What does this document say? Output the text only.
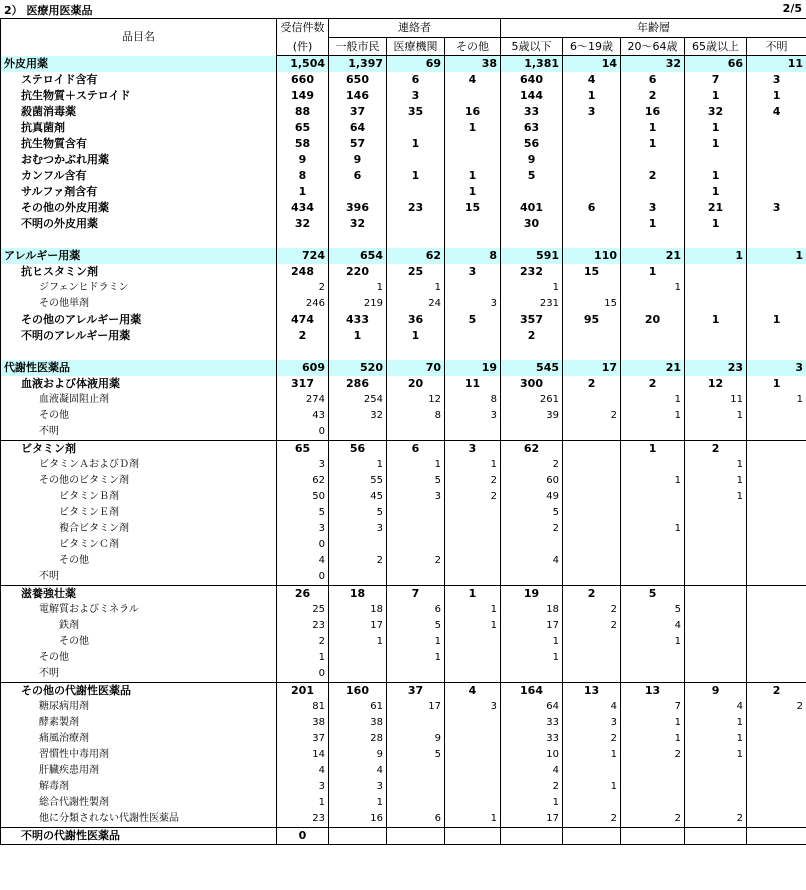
2） 医療用医薬品	2/5
品目名	受信件数	連絡者			年齢層				
	(件)	一般市民	医療機関	その他	5歳以下	6～19歳	20～64歳	65歳以上	不明
外皮用薬	1,504	1,397	69	38	1,381	14	32	66	11
ステロイド含有	660	650	6	4	640	4	6	7	3
抗生物質＋ステロイド	149	146	3		144	1	2	1	1
殺菌消毒薬	88	37	35	16	33	3	16	32	4
抗真菌剤	65	64		1	63		1	1	
抗生物質含有	58	57	1		56		1	1	
おむつかぶれ用薬	9	9			9				
カンフル含有	8	6	1	1	5		2	1	
サルファ剤含有	1			1				1	
その他の外皮用薬	434	396	23	15	401	6	3	21	3
不明の外皮用薬	32	32			30		1	1	

アレルギー用薬	724	654	62	8	591	110	21	1	1
抗ヒスタミン剤	248	220	25	3	232	15	1		
ジフェンヒドラミン	2	1	1		1		1		
その他単剤	246	219	24	3	231	15			
その他のアレルギー用薬	474	433	36	5	357	95	20	1	1
不明のアレルギー用薬	2	1	1		2				

代謝性医薬品	609	520	70	19	545	17	21	23	3
血液および体液用薬	317	286	20	11	300	2	2	12	1
血液凝固阻止剤	274	254	12	8	261		1	11	1
その他	43	32	8	3	39	2	1	1	
不明	0								
ビタミン剤	65	56	6	3	62		1	2	
ビタミンＡおよびＤ剤	3	1	1	1	2			1	
その他のビタミン剤	62	55	5	2	60		1	1	
ビタミンＢ剤	50	45	3	2	49			1	
ビタミンＥ剤	5	5			5				
複合ビタミン剤	3	3			2		1		
ビタミンＣ剤	0								
その他	4	2	2		4				
不明	0								
滋養強壮薬	26	18	7	1	19	2	5		
電解質およびミネラル	25	18	6	1	18	2	5		
鉄剤	23	17	5	1	17	2	4		
その他	2	1	1		1		1		
その他	1		1		1				
不明	0								
その他の代謝性医薬品	201	160	37	4	164	13	13	9	2
糖尿病用剤	81	61	17	3	64	4	7	4	2
酵素製剤	38	38			33	3	1	1	
痛風治療剤	37	28	9		33	2	1	1	
習慣性中毒用剤	14	9	5		10	1	2	1	
肝臓疾患用剤	4	4			4				
解毒剤	3	3			2	1			
総合代謝性製剤	1	1			1				
他に分類されない代謝性医薬品	23	16	6	1	17	2	2	2	
不明の代謝性医薬品	0								
